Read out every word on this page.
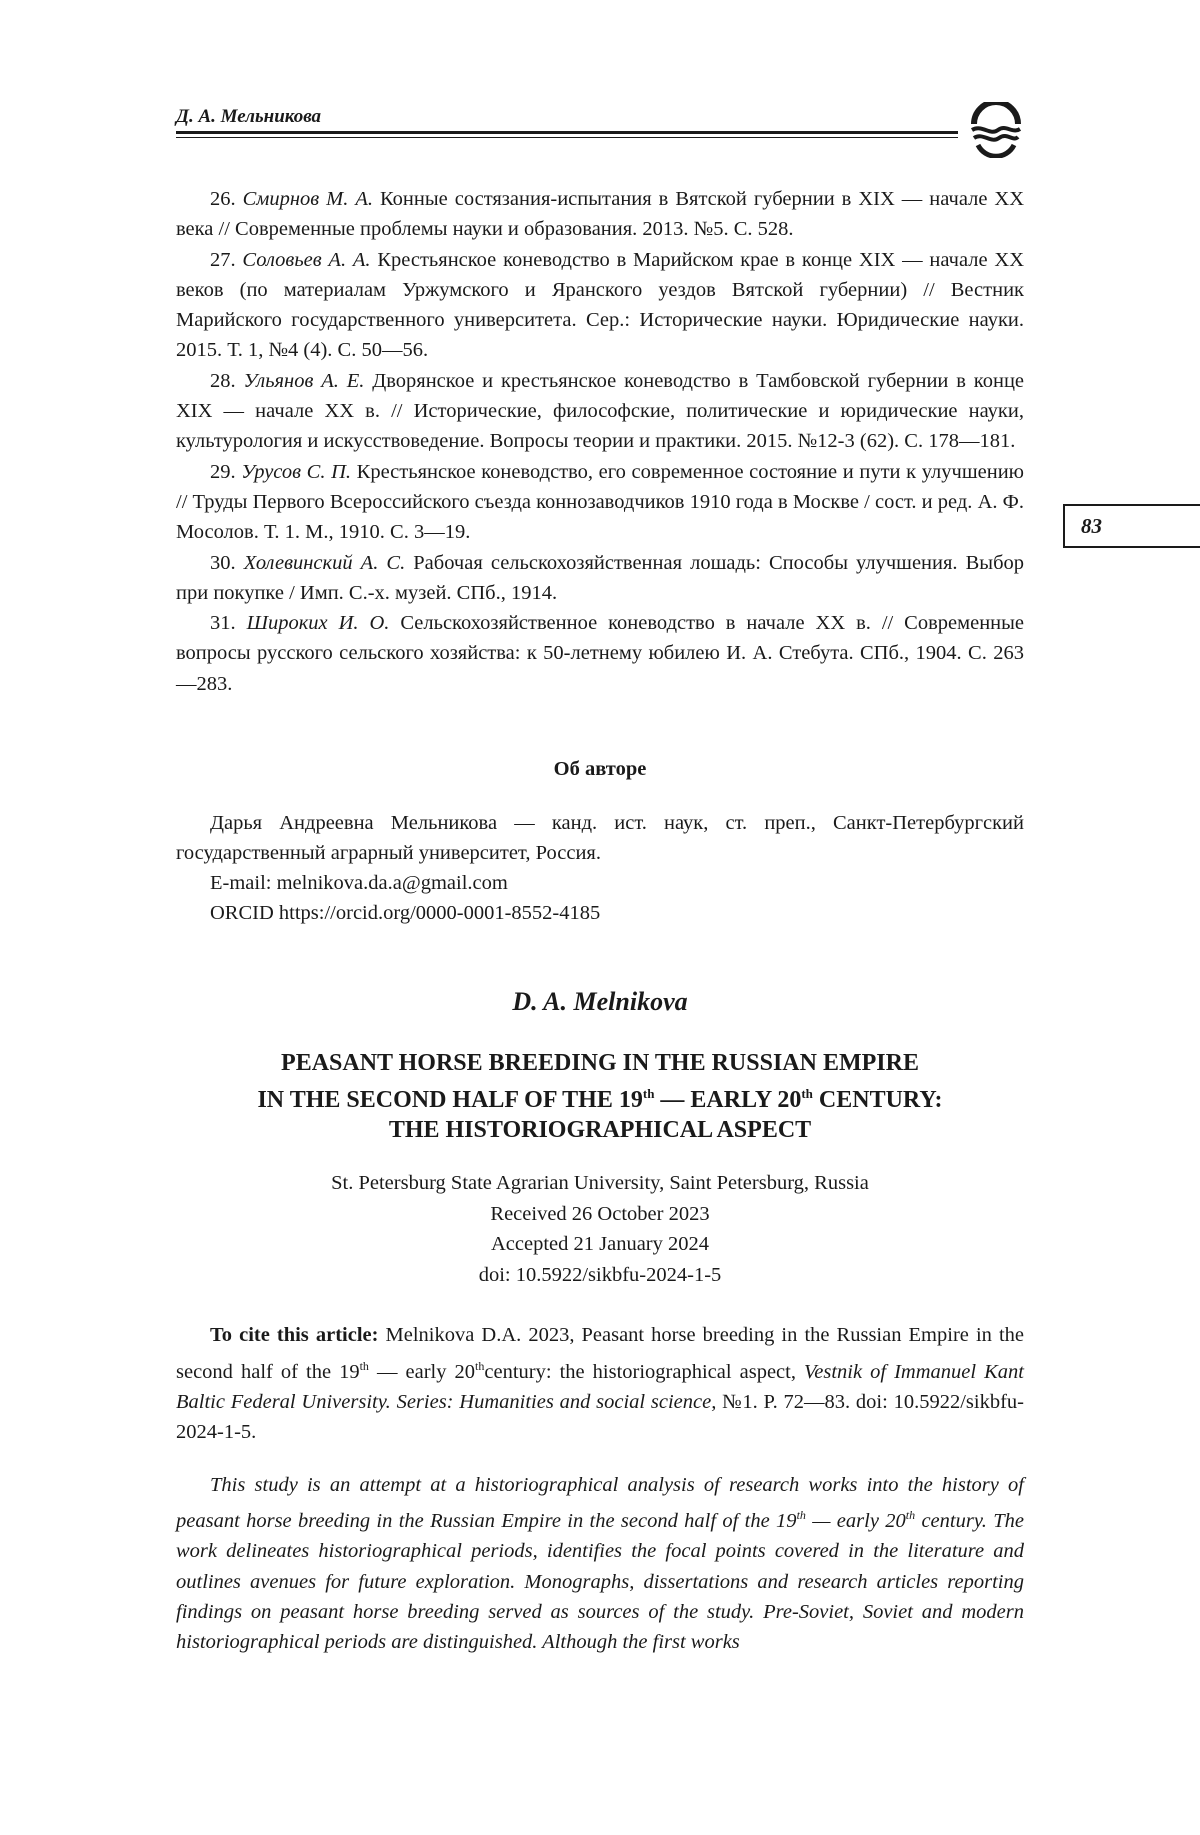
Д. А. Мельникова
83

26. Смирнов М. А. Конные состязания-испытания в Вятской губернии в XIX — начале XX века // Современные проблемы науки и образования. 2013. №5. С. 528.

27. Соловьев А. А. Крестьянское коневодство в Марийском крае в конце XIX — начале XX веков (по материалам Уржумского и Яранского уездов Вятской губернии) // Вестник Марийского государственного университета. Сер.: Исторические науки. Юридические науки. 2015. Т. 1, №4 (4). С. 50—56.

28. Ульянов А. Е. Дворянское и крестьянское коневодство в Тамбовской губернии в конце XIX — начале XX в. // Исторические, философские, политические и юридические науки, культурология и искусствоведение. Вопросы теории и практики. 2015. №12-3 (62). С. 178—181.

29. Урусов С. П. Крестьянское коневодство, его современное состояние и пути к улучшению // Труды Первого Всероссийского съезда коннозаводчиков 1910 года в Москве / сост. и ред. А. Ф. Мосолов. Т. 1. М., 1910. С. 3—19.

30. Холевинский А. С. Рабочая сельскохозяйственная лошадь: Способы улучшения. Выбор при покупке / Имп. С.-х. музей. СПб., 1914.

31. Широких И. О. Сельскохозяйственное коневодство в начале XX в. // Современные вопросы русского сельского хозяйства: к 50-летнему юбилею И. А. Стебута. СПб., 1904. С. 263—283.

Об авторе

Дарья Андреевна Мельникова — канд. ист. наук, ст. преп., Санкт-Петербургский государственный аграрный университет, Россия.

E-mail: melnikova.da.a@gmail.com

ORCID https://orcid.org/0000-0001-8552-4185

D. A. Melnikova
PEASANT HORSE BREEDING IN THE RUSSIAN EMPIRE
IN THE SECOND HALF OF THE 19th — EARLY 20th CENTURY:
THE HISTORIOGRAPHICAL ASPECT
St. Petersburg State Agrarian University, Saint Petersburg, Russia
Received 26 October 2023
Accepted 21 January 2024
doi: 10.5922/sikbfu-2024-1-5
To cite this article: Melnikova D.A. 2023, Peasant horse breeding in the Russian Empire in the second half of the 19th — early 20thcentury: the historiographical aspect, Vestnik of Immanuel Kant Baltic Federal University. Series: Humanities and social science, №1. P. 72—83. doi: 10.5922/sikbfu-2024-1-5.
This study is an attempt at a historiographical analysis of research works into the history of peasant horse breeding in the Russian Empire in the second half of the 19th — early 20th century. The work delineates historiographical periods, identifies the focal points covered in the literature and outlines avenues for future exploration. Monographs, dissertations and research articles reporting findings on peasant horse breeding served as sources of the study. Pre-Soviet, Soviet and modern historiographical periods are distinguished. Although the first works
